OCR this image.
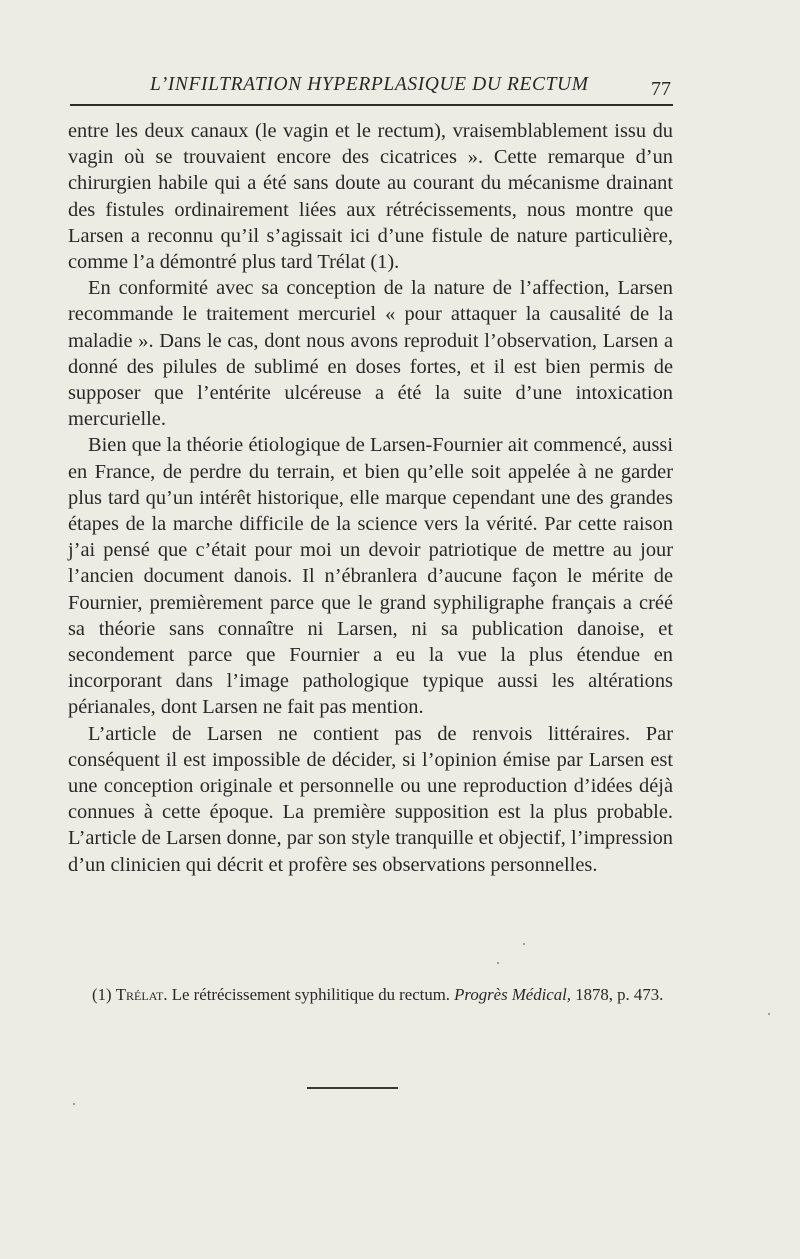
L’INFILTRATION HYPERPLASIQUE DU RECTUM	77

entre les deux canaux (le vagin et le rectum), vraisemblablement issu du vagin où se trouvaient encore des cicatrices ». Cette remarque d’un chirurgien habile qui a été sans doute au courant du mécanisme drainant des fistules ordinairement liées aux rétrécissements, nous montre que Larsen a reconnu qu’il s’agissait ici d’une fistule de nature particulière, comme l’a démontré plus tard Trélat (1).

En conformité avec sa conception de la nature de l’affection, Larsen recommande le traitement mercuriel « pour attaquer la causalité de la maladie ». Dans le cas, dont nous avons reproduit l’observation, Larsen a donné des pilules de sublimé en doses fortes, et il est bien permis de supposer que l’entérite ulcéreuse a été la suite d’une intoxication mercurielle.

Bien que la théorie étiologique de Larsen-Fournier ait commencé, aussi en France, de perdre du terrain, et bien qu’elle soit appelée à ne garder plus tard qu’un intérêt historique, elle marque cependant une des grandes étapes de la marche difficile de la science vers la vérité. Par cette raison j’ai pensé que c’était pour moi un devoir patriotique de mettre au jour l’ancien document danois. Il n’ébranlera d’aucune façon le mérite de Fournier, premièrement parce que le grand syphiligraphe français a créé sa théorie sans connaître ni Larsen, ni sa publication danoise, et secondement parce que Fournier a eu la vue la plus étendue en incorporant dans l’image pathologique typique aussi les altérations périanales, dont Larsen ne fait pas mention.

L’article de Larsen ne contient pas de renvois littéraires. Par conséquent il est impossible de décider, si l’opinion émise par Larsen est une conception originale et personnelle ou une reproduction d’idées déjà connues à cette époque. La première supposition est la plus probable. L’article de Larsen donne, par son style tranquille et objectif, l’impression d’un clinicien qui décrit et profère ses observations personnelles.

(1) Trélat. Le rétrécissement syphilitique du rectum. Progrès Médical, 1878, p. 473.
